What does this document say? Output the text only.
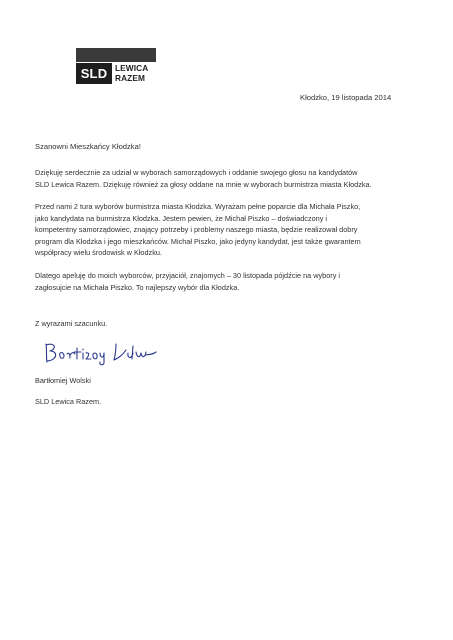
SLD LEWICA
RAZEM
Kłodzko, 19 listopada 2014
Szanowni Mieszkańcy Kłodzka!
Dziękuję serdecznie za udział w wyborach samorządowych i oddanie swojego głosu na kandydatów
SLD Lewica Razem. Dziękuję również za głosy oddane na mnie w wyborach burmistrza miasta Kłodzka.
Przed nami 2 tura wyborów burmistrza miasta Kłodzka. Wyrażam pełne poparcie dla Michała Piszko,
jako kandydata na burmistrza Kłodzka. Jestem pewien, że Michał Piszko – doświadczony i
kompetentny samorządowiec, znający potrzeby i problemy naszego miasta, będzie realizował dobry
program dla Kłodzka i jego mieszkańców. Michał Piszko, jako jedyny kandydat, jest także gwarantem
współpracy wielu środowisk w Kłodzku.
Dlatego apeluję do moich wyborców, przyjaciół, znajomych – 30 listopada pójdźcie na wybory i
zagłosujcie na Michała Piszko. To najlepszy wybór dla Kłodzka.
Z wyrazami szacunku.
Bartłomiej Wolski
SLD Lewica Razem.
